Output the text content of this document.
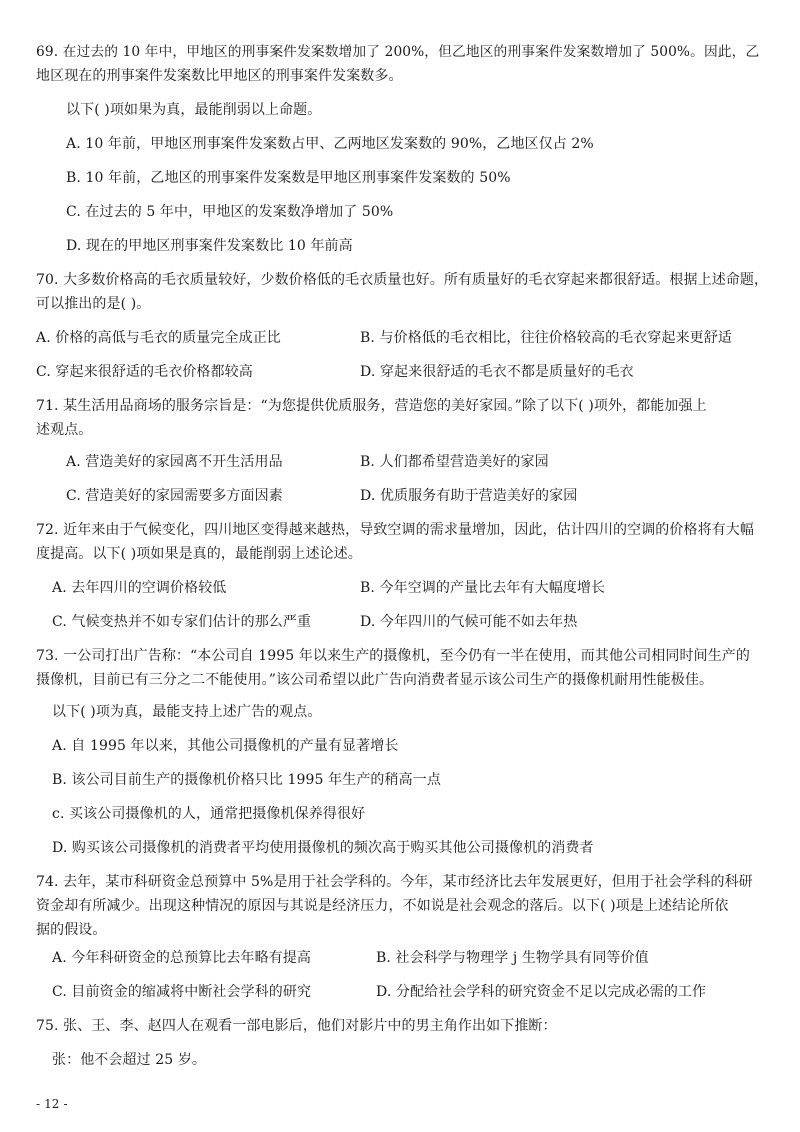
69. 在过去的 10 年中，甲地区的刑事案件发案数增加了 200%，但乙地区的刑事案件发案数增加了 500%。因此，乙
地区现在的刑事案件发案数比甲地区的刑事案件发案数多。
以下( )项如果为真，最能削弱以上命题。
A. 10 年前，甲地区刑事案件发案数占甲、乙两地区发案数的 90%，乙地区仅占 2%
B. 10 年前，乙地区的刑事案件发案数是甲地区刑事案件发案数的 50%
C. 在过去的 5 年中，甲地区的发案数净增加了 50%
D. 现在的甲地区刑事案件发案数比 10 年前高
70. 大多数价格高的毛衣质量较好，少数价格低的毛衣质量也好。所有质量好的毛衣穿起来都很舒适。根据上述命题，
可以推出的是( )。
A. 价格的高低与毛衣的质量完全成正比	B. 与价格低的毛衣相比，往往价格较高的毛衣穿起来更舒适
C. 穿起来很舒适的毛衣价格都较高	D. 穿起来很舒适的毛衣不都是质量好的毛衣
71. 某生活用品商场的服务宗旨是：“为您提供优质服务，营造您的美好家园。”除了以下( )项外，都能加强上
述观点。
A. 营造美好的家园离不开生活用品	B. 人们都希望营造美好的家园
C. 营造美好的家园需要多方面因素	D. 优质服务有助于营造美好的家园
72. 近年来由于气候变化，四川地区变得越来越热，导致空调的需求量增加，因此，估计四川的空调的价格将有大幅
度提高。以下( )项如果是真的，最能削弱上述论述。
A. 去年四川的空调价格较低	B. 今年空调的产量比去年有大幅度增长
C. 气候变热并不如专家们估计的那么严重	D. 今年四川的气候可能不如去年热
73. 一公司打出广告称：“本公司自 1995 年以来生产的摄像机，至今仍有一半在使用，而其他公司相同时间生产的
摄像机，目前已有三分之二不能使用。”该公司希望以此广告向消费者显示该公司生产的摄像机耐用性能极佳。
以下( )项为真，最能支持上述广告的观点。
A. 自 1995 年以来，其他公司摄像机的产量有显著增长
B. 该公司目前生产的摄像机价格只比 1995 年生产的稍高一点
c. 买该公司摄像机的人，通常把摄像机保养得很好
D. 购买该公司摄像机的消费者平均使用摄像机的频次高于购买其他公司摄像机的消费者
74. 去年，某市科研资金总预算中 5%是用于社会学科的。今年，某市经济比去年发展更好，但用于社会学科的科研
资金却有所减少。出现这种情况的原因与其说是经济压力，不如说是社会观念的落后。以下( )项是上述结论所依
据的假设。
A. 今年科研资金的总预算比去年略有提高	B. 社会科学与物理学 j 生物学具有同等价值
C. 目前资金的缩减将中断社会学科的研究	D. 分配给社会学科的研究资金不足以完成必需的工作
75. 张、王、李、赵四人在观看一部电影后，他们对影片中的男主角作出如下推断：
张：他不会超过 25 岁。
- 12 -
